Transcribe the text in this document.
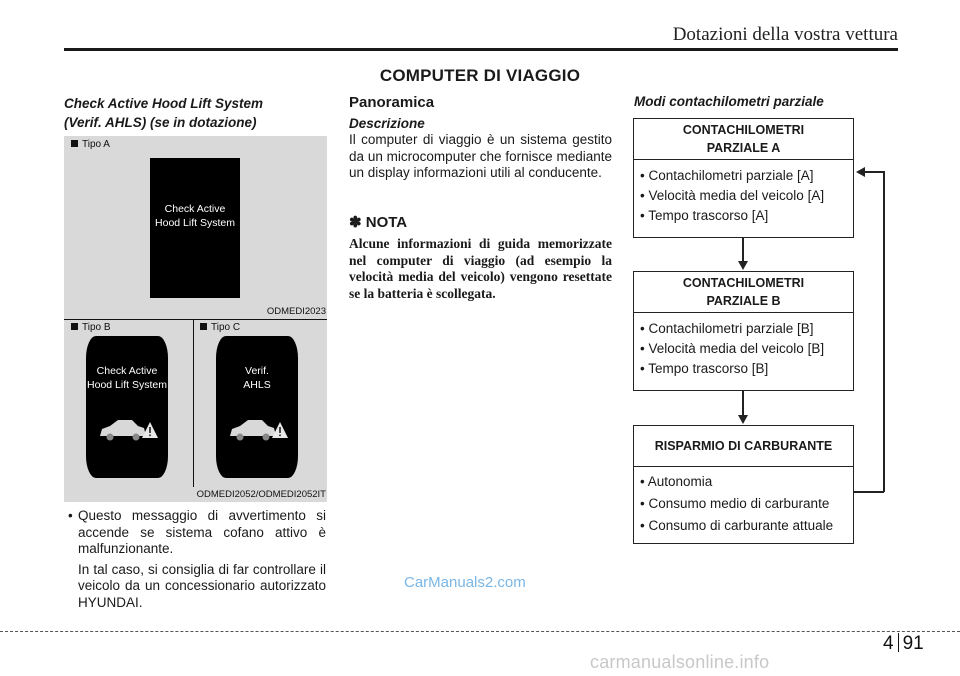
Dotazioni della vostra vettura
COMPUTER DI VIAGGIO
Check Active Hood Lift System
(Verif. AHLS) (se in dotazione)
Tipo A
Check Active
Hood Lift System
ODMEDI2023
Tipo B	Tipo C
Check Active
Hood Lift System
Verif.
AHLS
ODMEDI2052/ODMEDI2052IT
• Questo messaggio di avvertimento si accende se sistema cofano attivo è malfunzionante.
In tal caso, si consiglia di far controllare il veicolo da un concessionario autorizzato HYUNDAI.
Panoramica
Descrizione
Il computer di viaggio è un sistema gestito da un microcomputer che fornisce mediante un display informazioni utili al conducente.
✽ NOTA
Alcune informazioni di guida memorizzate nel computer di viaggio (ad esempio la velocità media del veicolo) vengono resettate se la batteria è scollegata.
Modi contachilometri parziale
CONTACHILOMETRI
PARZIALE A
• Contachilometri parziale [A]
• Velocità media del veicolo [A]
• Tempo trascorso [A]
CONTACHILOMETRI
PARZIALE B
• Contachilometri parziale [B]
• Velocità media del veicolo [B]
• Tempo trascorso [B]
RISPARMIO DI CARBURANTE
• Autonomia
• Consumo medio di carburante
• Consumo di carburante attuale
CarManuals2.com
4 91
carmanualsonline.info
